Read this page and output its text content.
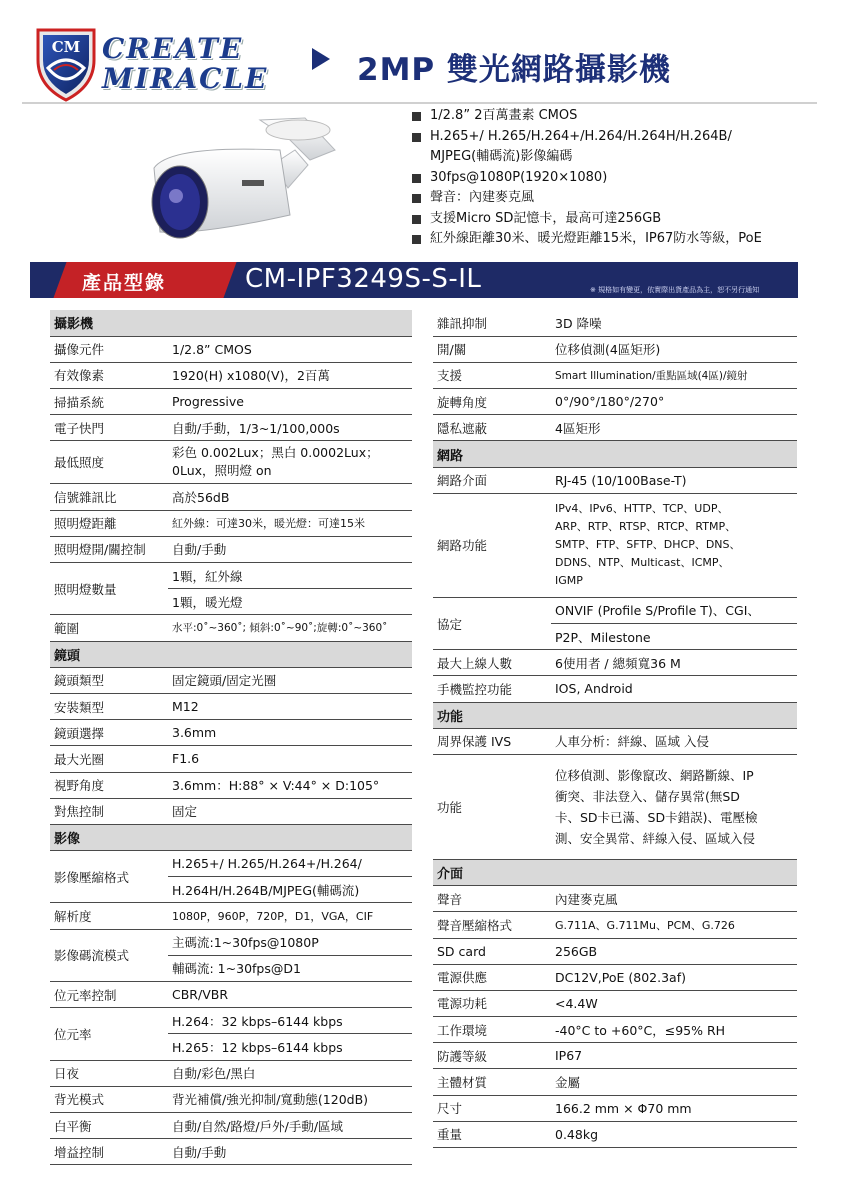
CM CREATE
MIRACLE	2MP 雙光網路攝影機
1/2.8” 2百萬畫素 CMOS
H.265+/ H.265/H.264+/H.264/H.264H/H.264B/
MJPEG(輔碼流)影像編碼
30fps@1080P(1920×1080)
聲音：內建麥克風
支援Micro SD記憶卡，最高可達256GB
紅外線距離30米、暖光燈距離15米，IP67防水等級，PoE
產品型錄	CM-IPF3249S-S-IL	※ 規格如有變更，依實際出貨產品為主，恕不另行通知
攝影機	
攝像元件	1/2.8” CMOS
有效像素	1920(H) x1080(V)，2百萬
掃描系統	Progressive
電子快門	自動/手動，1/3~1/100,000s
最低照度	彩色 0.002Lux；黑白 0.0002Lux；
0Lux，照明燈 on

信號雜訊比	高於56dB
照明燈距離	紅外線：可達30米，暖光燈：可達15米
照明燈開/關控制	自動/手動
照明燈數量	1顆，紅外線
	1顆，暖光燈
範圍	水平:0˚~360˚; 傾斜:0˚~90˚;旋轉:0˚~360˚
鏡頭	
鏡頭類型	固定鏡頭/固定光圈
安裝類型	M12
鏡頭選擇	3.6mm
最大光圈	F1.6
視野角度	3.6mm：H:88° × V:44° × D:105°
對焦控制	固定
影像	
影像壓縮格式	H.265+/ H.265/H.264+/H.264/
	H.264H/H.264B/MJPEG(輔碼流)
解析度	1080P，960P，720P，D1，VGA，CIF
影像碼流模式	主碼流:1~30fps@1080P
	輔碼流: 1~30fps@D1
位元率控制	CBR/VBR
位元率	H.264：32 kbps–6144 kbps
	H.265：12 kbps–6144 kbps
日夜	自動/彩色/黑白
背光模式	背光補償/強光抑制/寬動態(120dB)
白平衡	自動/自然/路燈/戶外/手動/區域
增益控制	自動/手動
雜訊抑制	3D 降噪
開/關	位移偵測(4區矩形)
支援	Smart Illumination/重點區域(4區)/鏡射
旋轉角度	0°/90°/180°/270°
隱私遮蔽	4區矩形
網路	
網路介面	RJ-45 (10/100Base-T)
網路功能	IPv4、IPv6、HTTP、TCP、UDP、
ARP、RTP、RTSP、RTCP、RTMP、
SMTP、FTP、SFTP、DHCP、DNS、
DDNS、NTP、Multicast、ICMP、
IGMP

協定	ONVIF (Profile S/Profile T)、CGI、
	P2P、Milestone
最大上線人數	6使用者 / 總頻寬36 M
手機監控功能	IOS, Android
功能	
周界保護 IVS	人車分析：絆線、區域 入侵
功能	位移偵測、影像竄改、網路斷線、IP
衝突、非法登入、儲存異常(無SD
卡、SD卡已滿、SD卡錯誤)、電壓檢
測、安全異常、絆線入侵、區域入侵

介面	
聲音	內建麥克風
聲音壓縮格式	G.711A、G.711Mu、PCM、G.726
SD card	256GB
電源供應	DC12V,PoE (802.3af)
電源功耗	<4.4W
工作環境	-40°C to +60°C，≤95% RH
防護等級	IP67
主體材質	金屬
尺寸	166.2 mm × Φ70 mm
重量	0.48kg
